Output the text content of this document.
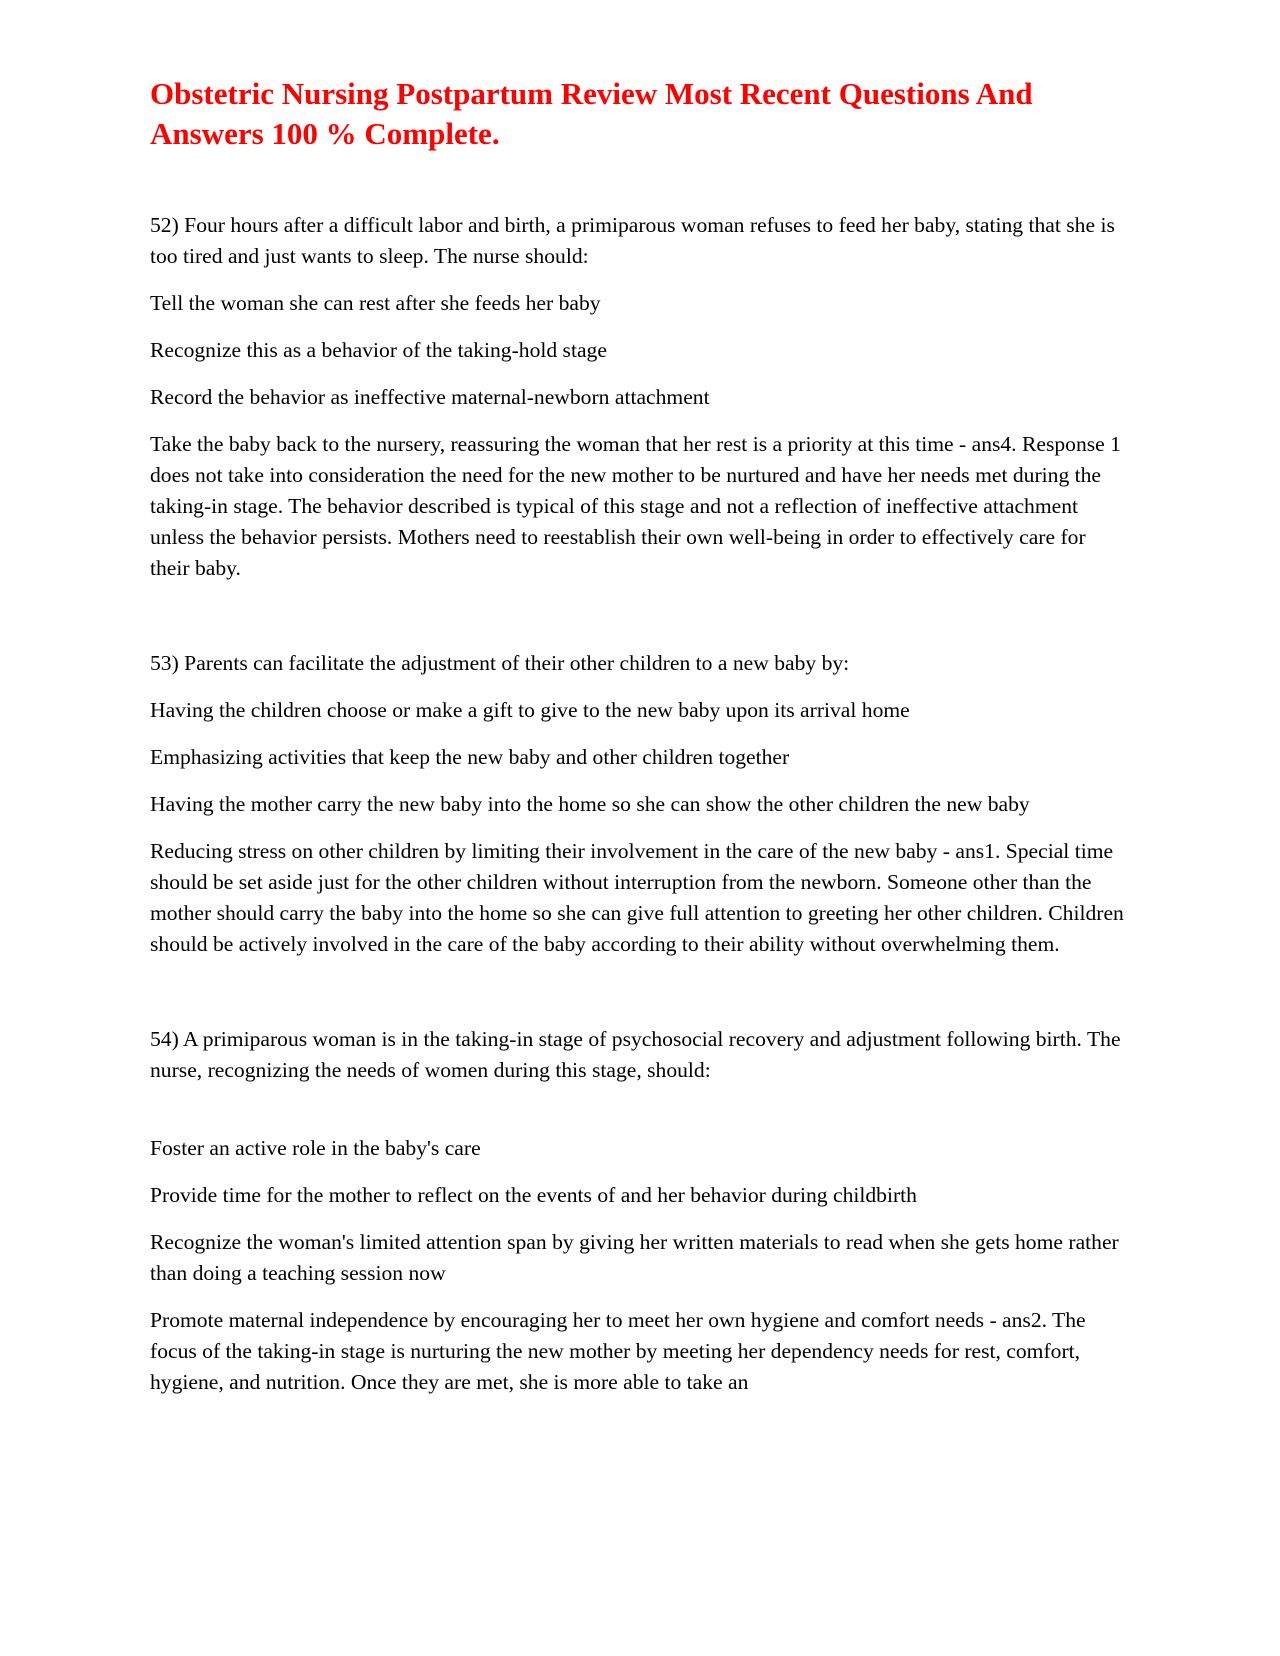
Obstetric Nursing Postpartum Review Most Recent Questions And Answers 100 % Complete.

52) Four hours after a difficult labor and birth, a primiparous woman refuses to feed her baby, stating that she is too tired and just wants to sleep. The nurse should:

Tell the woman she can rest after she feeds her baby

Recognize this as a behavior of the taking-hold stage

Record the behavior as ineffective maternal-newborn attachment

Take the baby back to the nursery, reassuring the woman that her rest is a priority at this time - ans4. Response 1 does not take into consideration the need for the new mother to be nurtured and have her needs met during the taking-in stage. The behavior described is typical of this stage and not a reflection of ineffective attachment unless the behavior persists. Mothers need to reestablish their own well-being in order to effectively care for their baby.

53) Parents can facilitate the adjustment of their other children to a new baby by:

Having the children choose or make a gift to give to the new baby upon its arrival home

Emphasizing activities that keep the new baby and other children together

Having the mother carry the new baby into the home so she can show the other children the new baby

Reducing stress on other children by limiting their involvement in the care of the new baby - ans1. Special time should be set aside just for the other children without interruption from the newborn. Someone other than the mother should carry the baby into the home so she can give full attention to greeting her other children. Children should be actively involved in the care of the baby according to their ability without overwhelming them.

54) A primiparous woman is in the taking-in stage of psychosocial recovery and adjustment following birth. The nurse, recognizing the needs of women during this stage, should:

Foster an active role in the baby's care

Provide time for the mother to reflect on the events of and her behavior during childbirth

Recognize the woman's limited attention span by giving her written materials to read when she gets home rather than doing a teaching session now

Promote maternal independence by encouraging her to meet her own hygiene and comfort needs - ans2. The focus of the taking-in stage is nurturing the new mother by meeting her dependency needs for rest, comfort, hygiene, and nutrition. Once they are met, she is more able to take an
